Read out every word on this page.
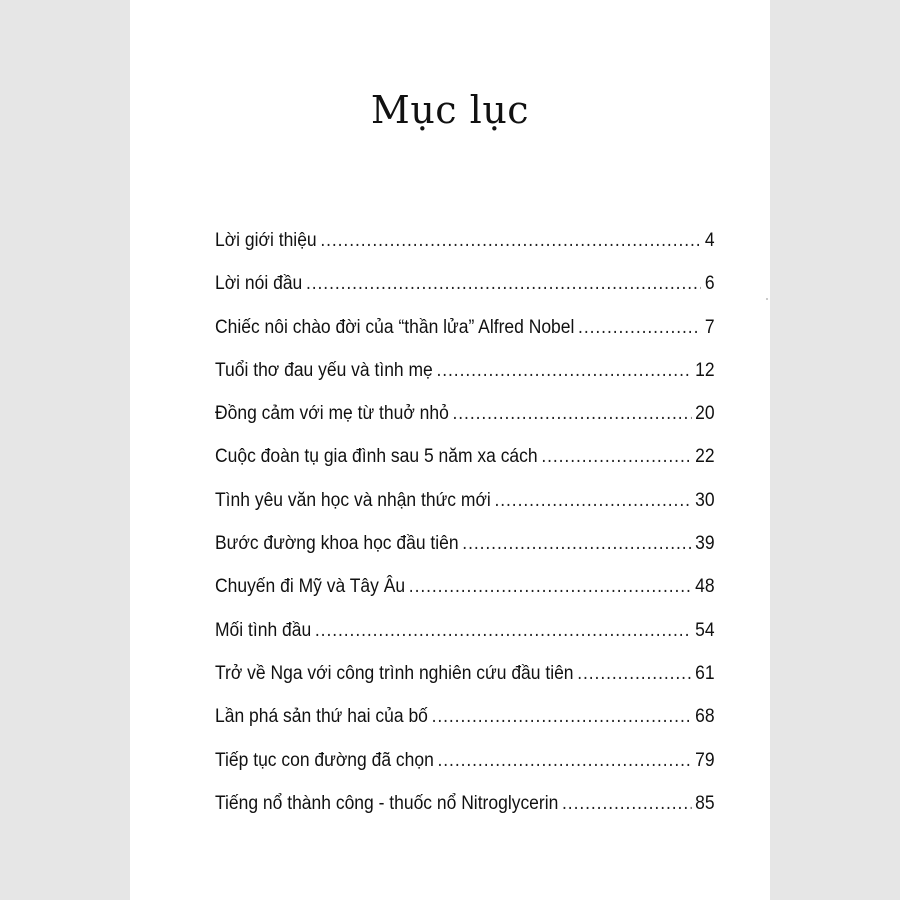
Mục lục
Lời giới thiệu .....	4
Lời nói đầu .....	6
Chiếc nôi chào đời của “thần lửa” Alfred Nobel .....	7
Tuổi thơ đau yếu và tình mẹ .....	12
Đồng cảm với mẹ từ thuở nhỏ .....	20
Cuộc đoàn tụ gia đình sau 5 năm xa cách .....	22
Tình yêu văn học và nhận thức mới .....	30
Bước đường khoa học đầu tiên .....	39
Chuyến đi Mỹ và Tây Âu .....	48
Mối tình đầu .....	54
Trở về Nga với công trình nghiên cứu đầu tiên .....	61
Lần phá sản thứ hai của bố .....	68
Tiếp tục con đường đã chọn .....	79
Tiếng nổ thành công - thuốc nổ Nitroglycerin .....	85
